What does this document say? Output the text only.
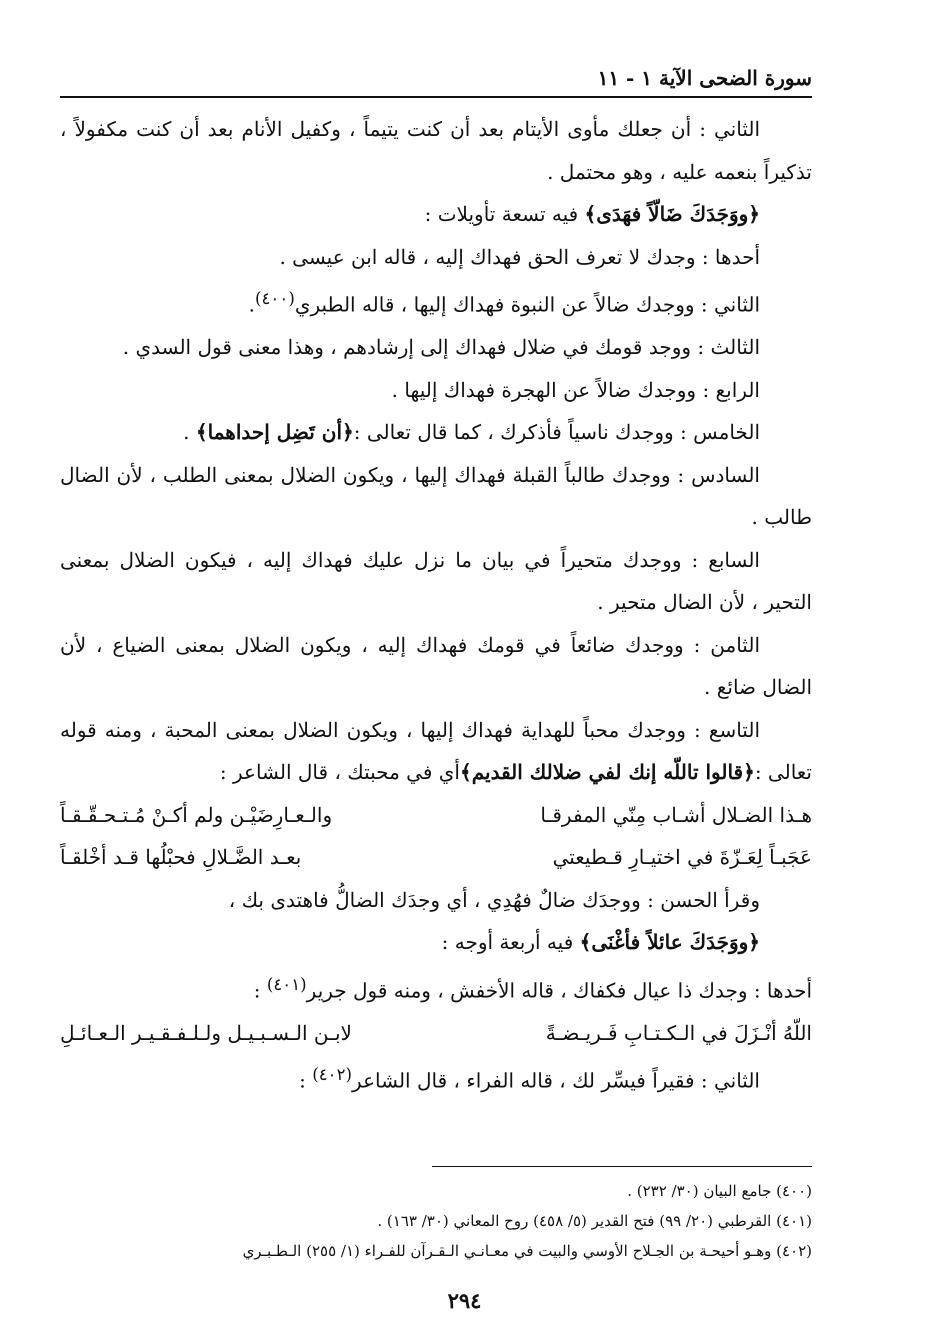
سورة الضحى الآية ١ - ١١

الثاني : أن جعلك مأوى الأيتام بعد أن كنت يتيماً ، وكفيل الأنام بعد أن كنت مكفولاً ، تذكيراً بنعمه عليه ، وهو محتمل .

﴿ووَجَدَكَ ضَالّاً فهَدَى﴾ فيه تسعة تأويلات :

أحدها : وجدك لا تعرف الحق فهداك إليه ، قاله ابن عيسى .

الثاني : ووجدك ضالاً عن النبوة فهداك إليها ، قاله الطبري$^{(٤٠٠)}$.

الثالث : ووجد قومك في ضلال فهداك إلى إرشادهم ، وهذا معنى قول السدي .

الرابع : ووجدك ضالاً عن الهجرة فهداك إليها .

الخامس : ووجدك ناسياً فأذكرك ، كما قال تعالى :﴿أن تَضِل إحداهما﴾ .

السادس : ووجدك طالباً القبلة فهداك إليها ، ويكون الضلال بمعنى الطلب ، لأن الضال طالب .

السابع : ووجدك متحيراً في بيان ما نزل عليك فهداك إليه ، فيكون الضلال بمعنى التحير ، لأن الضال متحير .

الثامن : ووجدك ضائعاً في قومك فهداك إليه ، ويكون الضلال بمعنى الضياع ، لأن الضال ضائع .

التاسع : ووجدك محباً للهداية فهداك إليها ، ويكون الضلال بمعنى المحبة ، ومنه قوله تعالى :﴿قالوا تاللّه إنك لفي ضلالك القديم﴾أي في محبتك ، قال الشاعر :

هـذا الضـلال أشـاب مِنّي المفرقـا
والـعـارِضَيْـن ولم أكـنْ مُـتـحـقّـقـاً
عَجَبـاً لِعَـزّةَ في اختيـارِ قـطيعتي
بعـد الضَّـلالِ فحبْلُها قـد أخْلقـاً

وقرأ الحسن : ووجدَك ضالٌ فهُدِي ، أي وجدَك الضالُّ فاهتدى بك ،

﴿ووَجَدَكَ عائلاً فأغْنَى﴾ فيه أربعة أوجه :

أحدها : وجدك ذا عيال فكفاك ، قاله الأخفش ، ومنه قول جرير$^{(٤٠١)}$ :

اللّهُ أنْـزَلَ في الـكـتـابِ فَـريـضـةً
لابـن الـسـبـيـل ولـلـفـقـيـر الـعـائـلِ

الثاني : فقيراً فيسِّر لك ، قاله الفراء ، قال الشاعر$^{(٤٠٢)}$ :

(٤٠٠) جامع البيان (٣٠/ ٢٣٢) .

(٤٠١) القرطبي (٢٠/ ٩٩) فتح القدير (٥/ ٤٥٨) روح المعاني (٣٠/ ١٦٣) .

(٤٠٢) وهـو أحيحـة بن الجـلاح الأوسي والبيت في معـانـي الـقـرآن للفـراء (١/ ٢٥٥) الـطـبـري

٢٩٤
